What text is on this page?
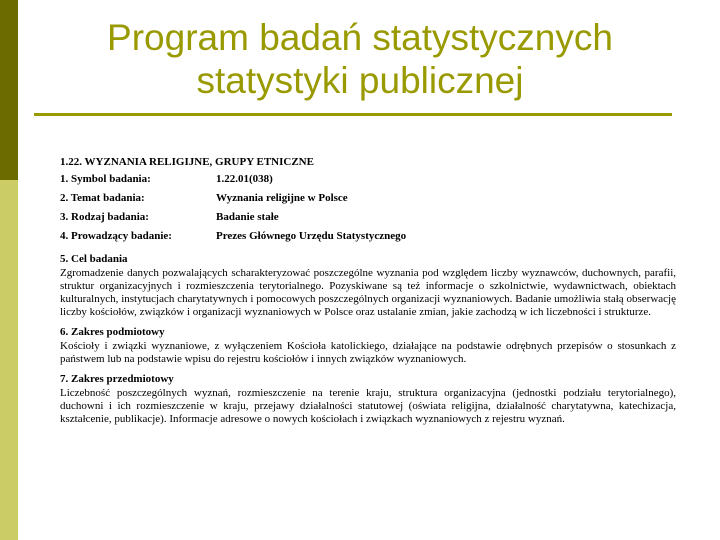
Program badań statystycznych
statystyki publicznej
1.22. WYZNANIA RELIGIJNE, GRUPY ETNICZNE
1. Symbol badania:	1.22.01(038)
2. Temat badania:	Wyznania religijne w Polsce
3. Rodzaj badania:	Badanie stałe
4. Prowadzący badanie:	Prezes Głównego Urzędu Statystycznego
5. Cel badania
Zgromadzenie danych pozwalających scharakteryzować poszczególne wyznania pod względem liczby wyznawców, duchownych, parafii, struktur organizacyjnych i rozmieszczenia terytorialnego. Pozyskiwane są też informacje o szkolnictwie, wydawnictwach, obiektach kulturalnych, instytucjach charytatywnych i pomocowych poszczególnych organizacji wyznaniowych. Badanie umożliwia stałą obserwację liczby kościołów, związków i organizacji wyznaniowych w Polsce oraz ustalanie zmian, jakie zachodzą w ich liczebności i strukturze.
6. Zakres podmiotowy
Kościoły i związki wyznaniowe, z wyłączeniem Kościoła katolickiego, działające na podstawie odrębnych przepisów o stosunkach z państwem lub na podstawie wpisu do rejestru kościołów i innych związków wyznaniowych.
7. Zakres przedmiotowy
Liczebność poszczególnych wyznań, rozmieszczenie na terenie kraju, struktura organizacyjna (jednostki podziału terytorialnego), duchowni i ich rozmieszczenie w kraju, przejawy działalności statutowej (oświata religijna, działalność charytatywna, katechizacja, kształcenie, publikacje). Informacje adresowe o nowych kościołach i związkach wyznaniowych z rejestru wyznań.
